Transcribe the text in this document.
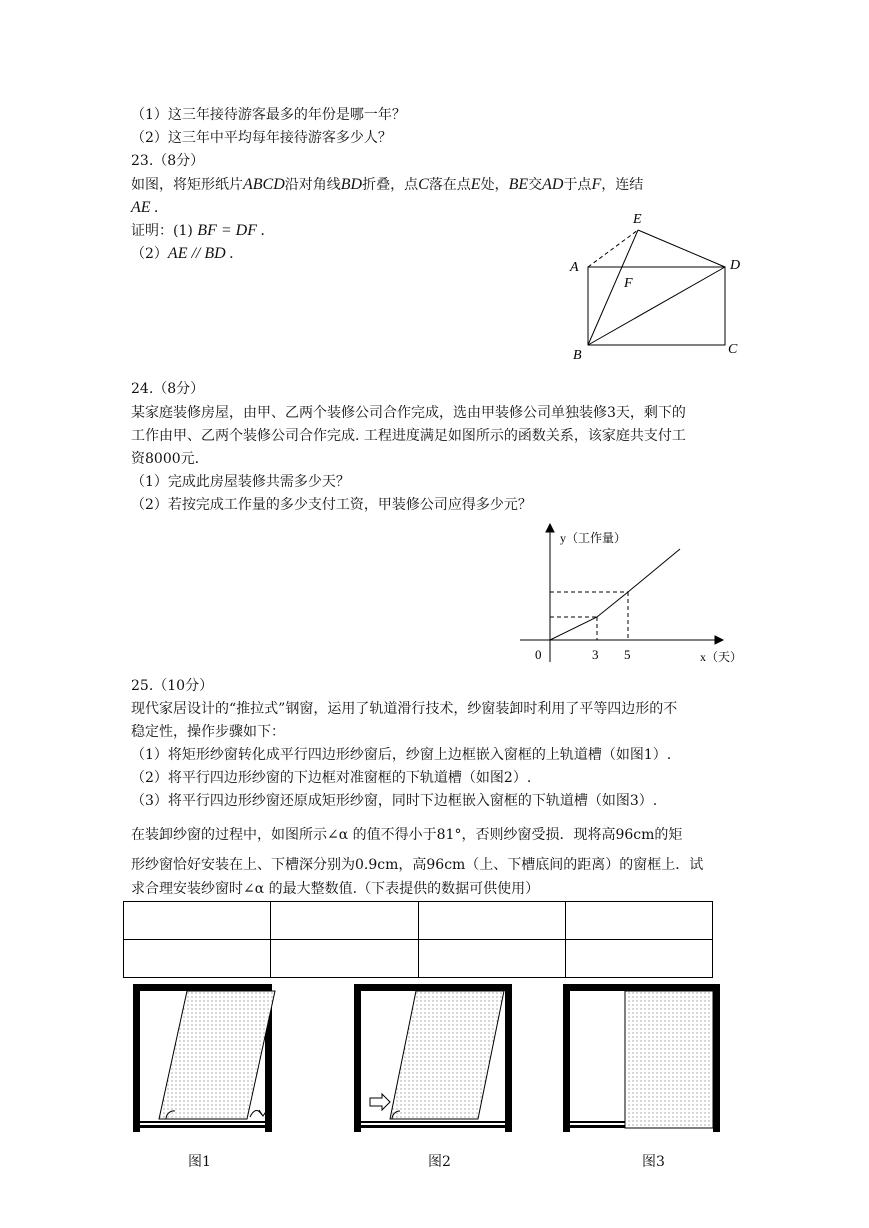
（1）这三年接待游客最多的年份是哪一年？
（2）这三年中平均每年接待游客多少人？
23.（8分）
如图，将矩形纸片ABCD沿对角线BD折叠，点C落在点E处，BE交AD于点F，连结
AE .
证明：(1) BF = DF .
（2）AE // BD .
E
A	D
F
B	C
24.（8分）
某家庭装修房屋，由甲、乙两个装修公司合作完成，选由甲装修公司单独装修3天，剩下的
工作由甲、乙两个装修公司合作完成. 工程进度满足如图所示的函数关系，该家庭共支付工
资8000元.
（1）完成此房屋装修共需多少天？
（2）若按完成工作量的多少支付工资，甲装修公司应得多少元？
y（工作量）
0	3 5	x（天）
25.（10分）
现代家居设计的“推拉式”钢窗，运用了轨道滑行技术，纱窗装卸时利用了平等四边形的不
稳定性，操作步骤如下：
（1）将矩形纱窗转化成平行四边形纱窗后，纱窗上边框嵌入窗框的上轨道槽（如图1）.
（2）将平行四边形纱窗的下边框对准窗框的下轨道槽（如图2）.
（3）将平行四边形纱窗还原成矩形纱窗，同时下边框嵌入窗框的下轨道槽（如图3）.
在装卸纱窗的过程中，如图所示∠α 的值不得小于81°，否则纱窗受损．现将高96cm的矩
形纱窗恰好安装在上、下槽深分别为0.9cm，高96cm（上、下槽底间的距离）的窗框上．试
求合理安装纱窗时∠α 的最大整数值.（下表提供的数据可供使用）

图1	图2	图3
